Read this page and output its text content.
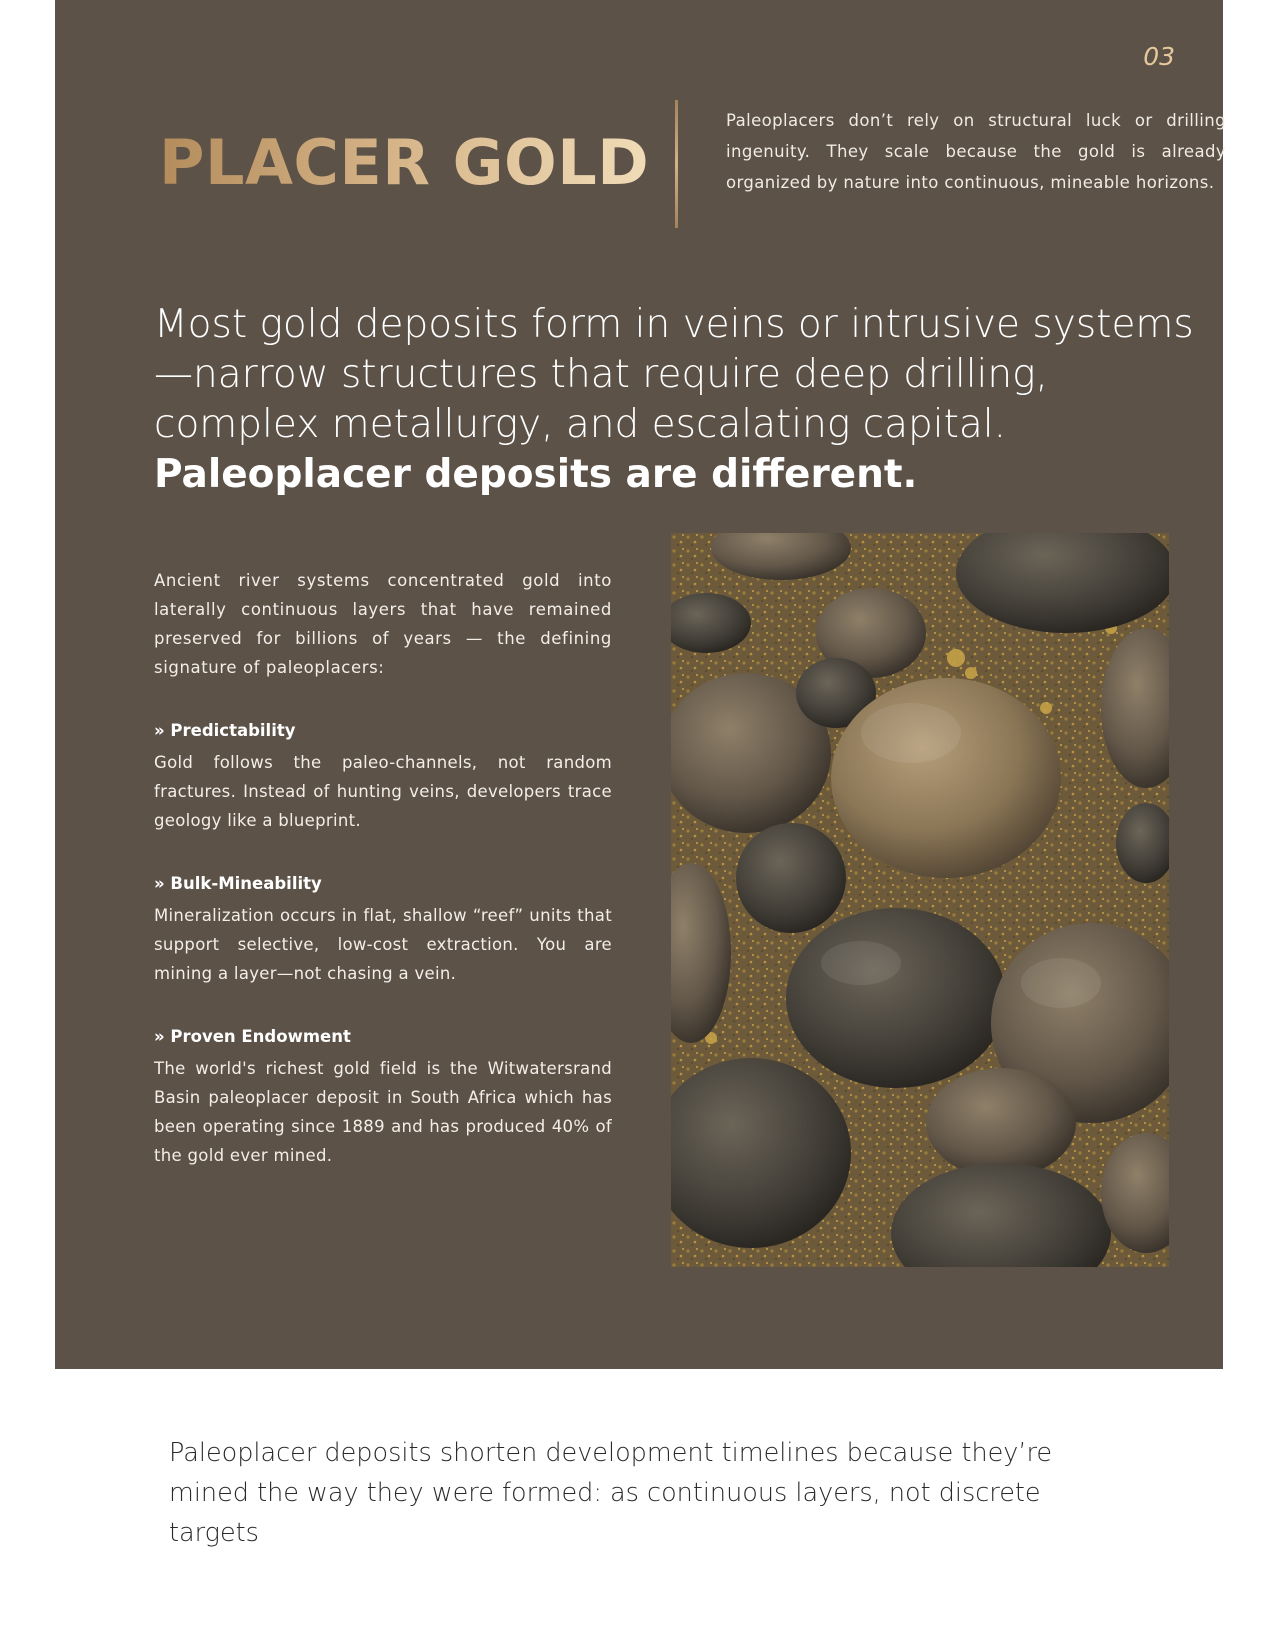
03
PLACER GOLD

Paleoplacers don’t rely on structural luck or drilling ingenuity. They scale because the gold is already organized by nature into continuous, mineable horizons.

Most gold deposits form in veins or intrusive systems—narrow structures that require deep drilling, complex metallurgy, and escalating capital.
Paleoplacer deposits are different.

Ancient river systems concentrated gold into laterally continuous layers that have remained preserved for billions of years — the defining signature of paleoplacers:

» Predictability

Gold follows the paleo-channels, not random fractures. Instead of hunting veins, developers trace geology like a blueprint.

» Bulk-Mineability

Mineralization occurs in flat, shallow “reef” units that support selective, low-cost extraction. You are mining a layer—not chasing a vein.

» Proven Endowment

The world's richest gold field is the Witwatersrand Basin paleoplacer deposit in South Africa which has been operating since 1889 and has produced 40% of the gold ever mined.

Paleoplacer deposits shorten development timelines because they’re mined the way they were formed: as continuous layers, not discrete targets
